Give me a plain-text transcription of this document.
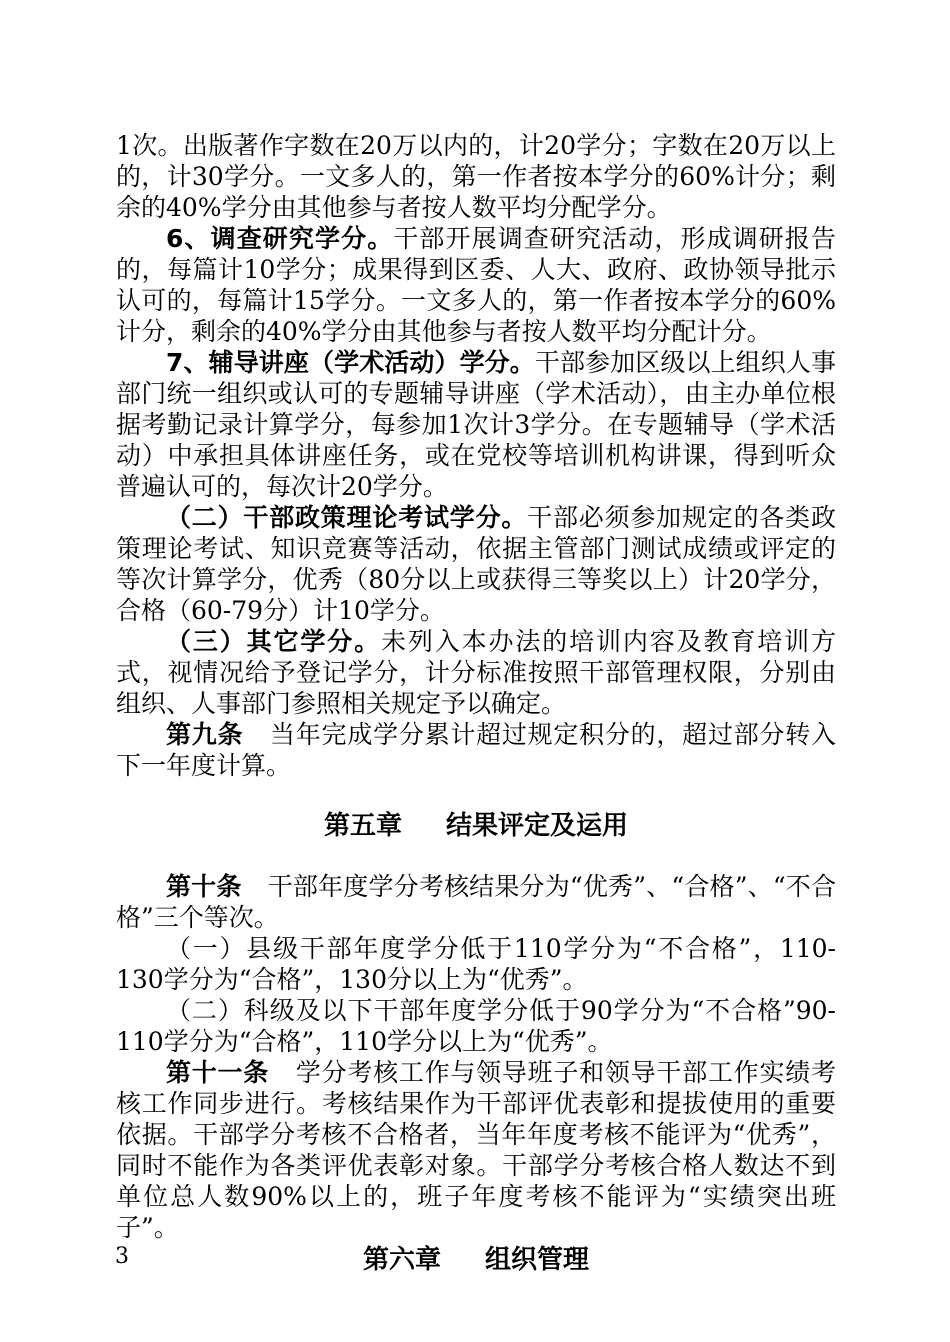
1次。出版著作字数在20万以内的，计20学分；字数在20万以上的，计30学分。一文多人的，第一作者按本学分的60%计分；剩余的40%学分由其他参与者按人数平均分配学分。

6、调查研究学分。干部开展调查研究活动，形成调研报告的，每篇计10学分；成果得到区委、人大、政府、政协领导批示认可的，每篇计15学分。一文多人的，第一作者按本学分的60%计分，剩余的40%学分由其他参与者按人数平均分配计分。

7、辅导讲座（学术活动）学分。干部参加区级以上组织人事部门统一组织或认可的专题辅导讲座（学术活动），由主办单位根据考勤记录计算学分，每参加1次计3学分。在专题辅导（学术活动）中承担具体讲座任务，或在党校等培训机构讲课，得到听众普遍认可的，每次计20学分。

（二）干部政策理论考试学分。干部必须参加规定的各类政策理论考试、知识竞赛等活动，依据主管部门测试成绩或评定的等次计算学分，优秀（80分以上或获得三等奖以上）计20学分，合格（60-79分）计10学分。

（三）其它学分。未列入本办法的培训内容及教育培训方式，视情况给予登记学分，计分标准按照干部管理权限，分别由组织、人事部门参照相关规定予以确定。

第九条 当年完成学分累计超过规定积分的，超过部分转入下一年度计算。

第五章 结果评定及运用

第十条 干部年度学分考核结果分为“优秀”、“合格”、“不合格”三个等次。

（一）县级干部年度学分低于110学分为“不合格”，110-130学分为“合格”，130分以上为“优秀”。

（二）科级及以下干部年度学分低于90学分为“不合格”90-110学分为“合格”，110学分以上为“优秀”。

第十一条 学分考核工作与领导班子和领导干部工作实绩考核工作同步进行。考核结果作为干部评优表彰和提拔使用的重要依据。干部学分考核不合格者，当年年度考核不能评为“优秀”，同时不能作为各类评优表彰对象。干部学分考核合格人数达不到单位总人数90%以上的，班子年度考核不能评为“实绩突出班子”。

第六章 组织管理

3
